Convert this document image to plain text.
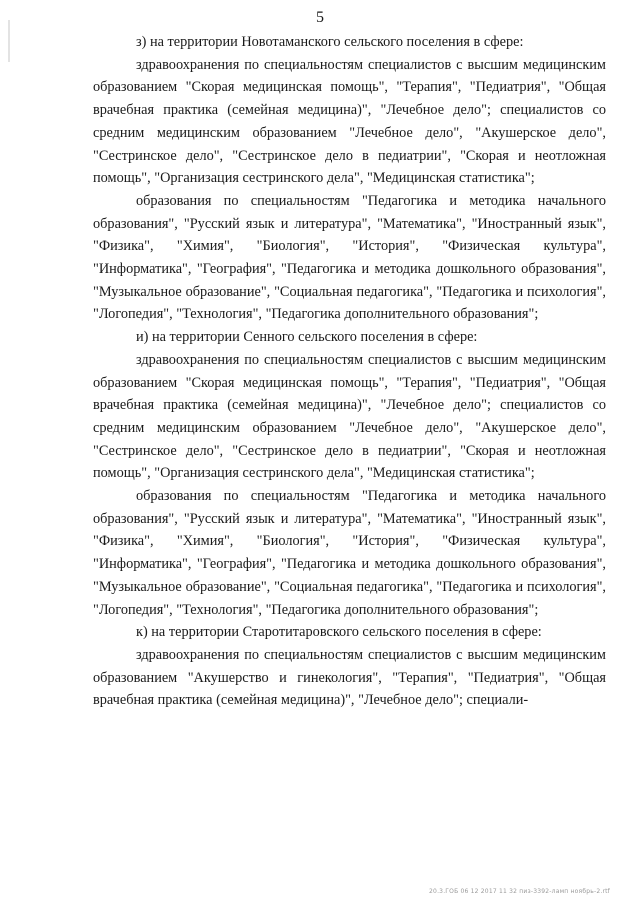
5

з) на территории Новотаманского сельского поселения в сфере:

здравоохранения по специальностям специалистов с высшим медицинским образованием "Скорая медицинская помощь", "Терапия", "Педиатрия", "Общая врачебная практика (семейная медицина)", "Лечебное дело"; специалистов со средним медицинским образованием "Лечебное дело", "Акушерское дело", "Сестринское дело", "Сестринское дело в педиатрии", "Скорая и неотложная помощь", "Организация сестринского дела", "Медицинская статистика";

образования по специальностям "Педагогика и методика начального образования", "Русский язык и литература", "Математика", "Иностранный язык", "Физика", "Химия", "Биология", "История", "Физическая культура", "Информатика", "География", "Педагогика и методика дошкольного образования", "Музыкальное образование", "Социальная педагогика", "Педагогика и психология", "Логопедия", "Технология", "Педагогика дополнительного образования";

и) на территории Сенного сельского поселения в сфере:

здравоохранения по специальностям специалистов с высшим медицинским образованием "Скорая медицинская помощь", "Терапия", "Педиатрия", "Общая врачебная практика (семейная медицина)", "Лечебное дело"; специалистов со средним медицинским образованием "Лечебное дело", "Акушерское дело", "Сестринское дело", "Сестринское дело в педиатрии", "Скорая и неотложная помощь", "Организация сестринского дела", "Медицинская статистика";

образования по специальностям "Педагогика и методика начального образования", "Русский язык и литература", "Математика", "Иностранный язык", "Физика", "Химия", "Биология", "История", "Физическая культура", "Информатика", "География", "Педагогика и методика дошкольного образования", "Музыкальное образование", "Социальная педагогика", "Педагогика и психология", "Логопедия", "Технология", "Педагогика дополнительного образования";

к) на территории Старотитаровского сельского поселения в сфере:

здравоохранения по специальностям специалистов с высшим медицинским образованием "Акушерство и гинекология", "Терапия", "Педиатрия", "Общая врачебная практика (семейная медицина)", "Лечебное дело"; специали-

20.3.ГОБ 06 12 2017 11 32 пиз-3392-ламп ноябрь-2.rtf
